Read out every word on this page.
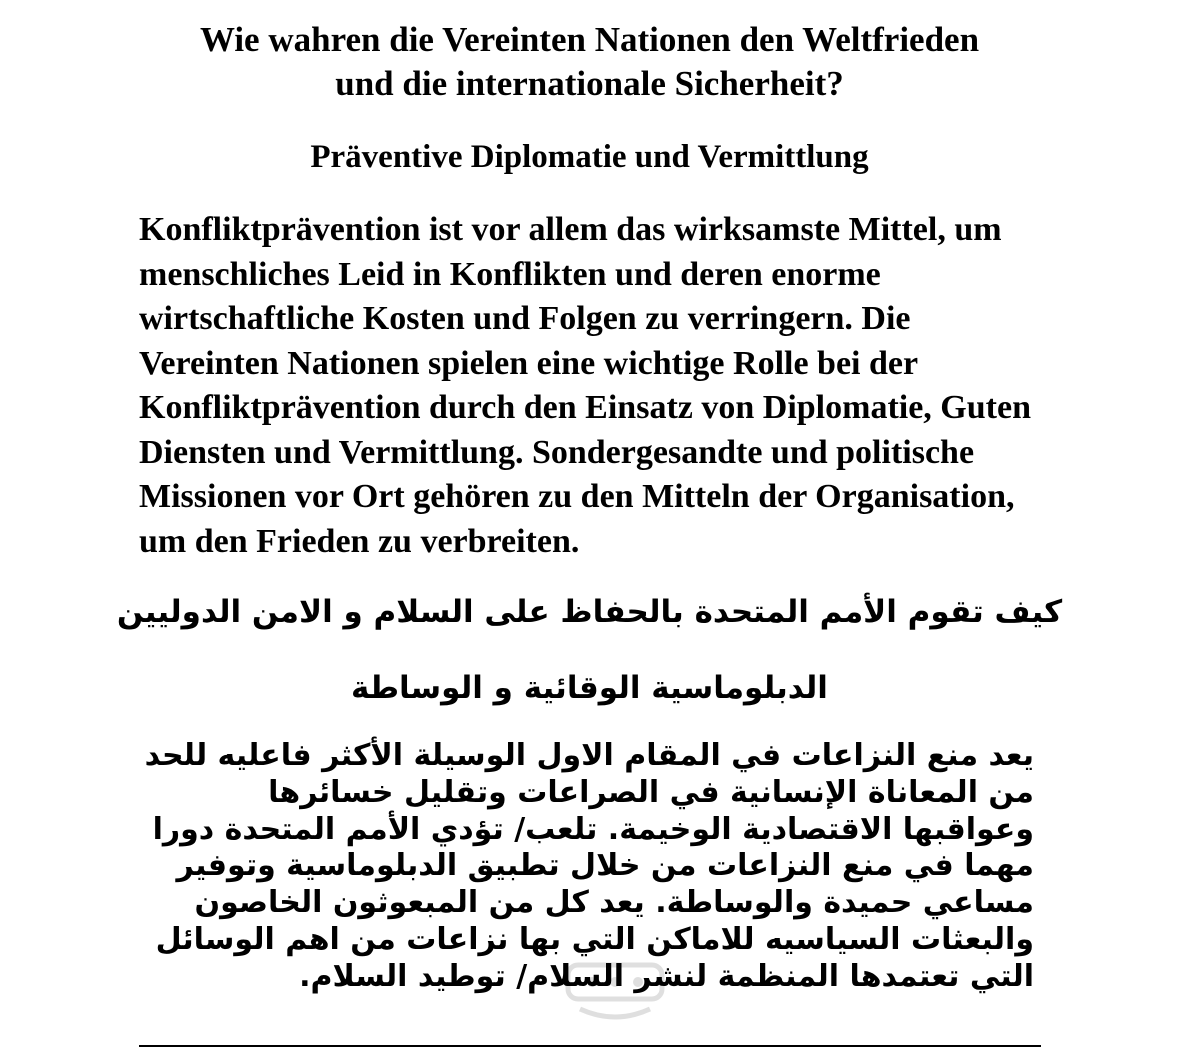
Wie wahren die Vereinten Nationen den Weltfrieden
und die internationale Sicherheit?
Präventive Diplomatie und Vermittlung

Konfliktprävention ist vor allem das wirksamste Mittel, um menschliches Leid in Konflikten und deren enorme wirtschaftliche Kosten und Folgen zu verringern. Die Vereinten Nationen spielen eine wichtige Rolle bei der Konfliktprävention durch den Einsatz von Diplomatie, Guten Diensten und Vermittlung. Sondergesandte und politische Missionen vor Ort gehören zu den Mitteln der Organisation, um den Frieden zu verbreiten.

كيف تقوم الأمم المتحدة بالحفاظ على السلام و الامن الدوليين
الدبلوماسية الوقائية و الوساطة

يعد منع النزاعات في المقام الاول الوسيلة الأكثر فاعليه للحد
من المعاناة الإنسانية في الصراعات وتقليل خسائرها
وعواقبها الاقتصادية الوخيمة. تلعب/ تؤدي الأمم المتحدة دورا
مهما في منع النزاعات من خلال تطبيق الدبلوماسية وتوفير
مساعي حميدة والوساطة. يعد كل من المبعوثون الخاصون
والبعثات السياسيه للاماكن التي بها نزاعات من اهم الوسائل
التي تعتمدها المنظمة لنشر السلام/ توطيد السلام.
